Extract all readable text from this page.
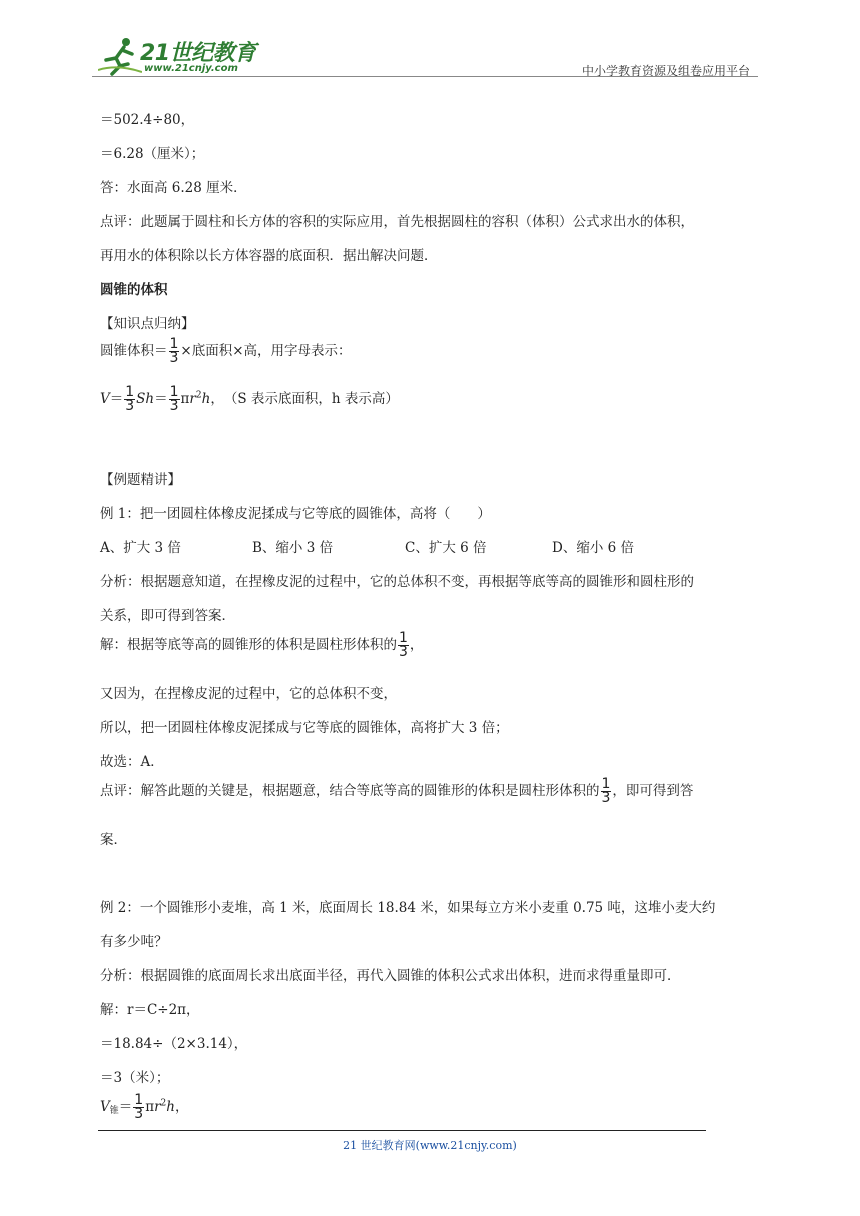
21世纪教育
www.21cnjy.com	中小学教育资源及组卷应用平台
＝502.4÷80，
＝6.28（厘米）；
答：水面高 6.28 厘米．
点评：此题属于圆柱和长方体的容积的实际应用，首先根据圆柱的容积（体积）公式求出水的体积，
再用水的体积除以长方体容器的底面积．据出解决问题．
圆锥的体积
【知识点归纳】
圆锥体积＝ $\frac{1}{3}$ ×底面积×高，用字母表示：
$V= \frac{1}{3} Sh= \frac{1}{3} \pi r^2h$，　（S 表示底面积，h 表示高）
【例题精讲】
例 1：把一团圆柱体橡皮泥揉成与它等底的圆锥体，高将（　　）
A、扩大 3 倍	B、缩小 3 倍	C、扩大 6 倍	D、缩小 6 倍
分析：根据题意知道，在捏橡皮泥的过程中，它的总体积不变，再根据等底等高的圆锥形和圆柱形的
关系，即可得到答案．
解：根据等底等高的圆锥形的体积是圆柱形体积的 $\frac{1}{3}$ ，
又因为，在捏橡皮泥的过程中，它的总体积不变，
所以，把一团圆柱体橡皮泥揉成与它等底的圆锥体，高将扩大 3 倍；
故选：A．
点评：解答此题的关键是，根据题意，结合等底等高的圆锥形的体积是圆柱形体积的 $\frac{1}{3}$ ，即可得到答
案．
例 2：一个圆锥形小麦堆，高 1 米，底面周长 18.84 米，如果每立方米小麦重 0.75 吨，这堆小麦大约
有多少吨？
分析：根据圆锥的底面周长求出底面半径，再代入圆锥的体积公式求出体积，进而求得重量即可．
解：r＝C÷2π，
＝18.84÷（2×3.14），
＝3（米）；
$V_锥= \frac{1}{3} \pi r^2h$，
21 世纪教育网(www.21cnjy.com)
